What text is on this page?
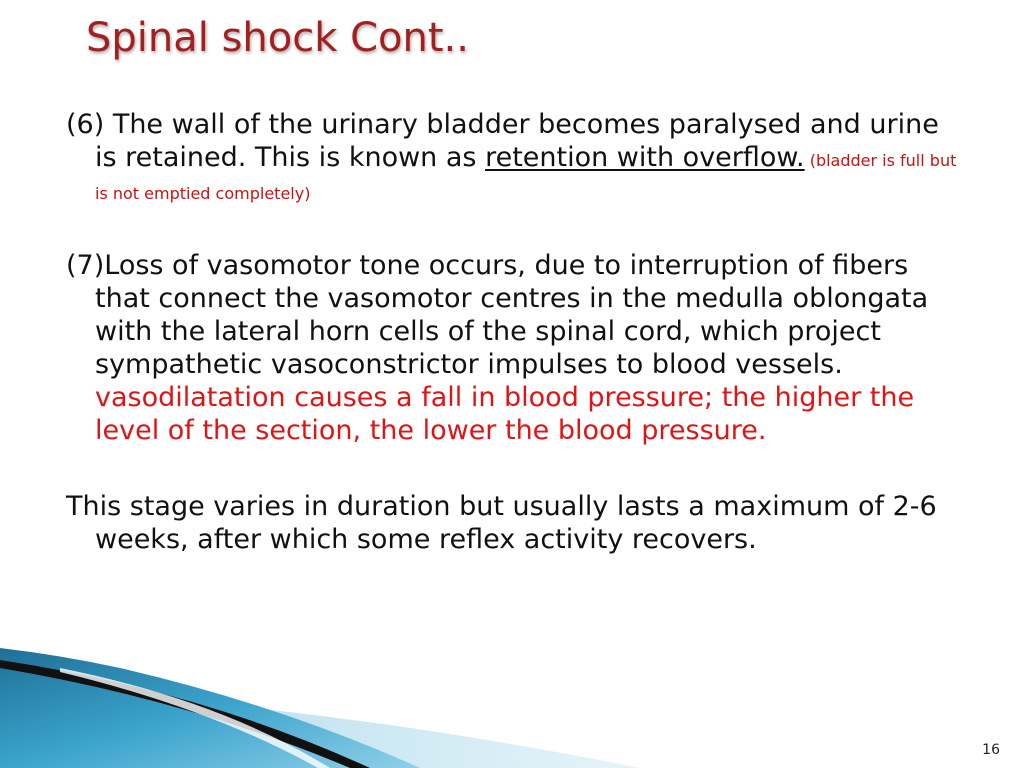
Spinal shock Cont..

(6) The wall of the urinary bladder becomes paralysed and urine is retained. This is known as retention with overflow. (bladder is full but is not emptied completely)

(7)Loss of vasomotor tone occurs, due to interruption of fibers that connect the vasomotor centres in the medulla oblongata with the lateral horn cells of the spinal cord, which project sympathetic vasoconstrictor impulses to blood vessels. vasodilatation causes a fall in blood pressure; the higher the level of the section, the lower the blood pressure.

This stage varies in duration but usually lasts a maximum of 2-6 weeks, after which some reflex activity recovers.

16
